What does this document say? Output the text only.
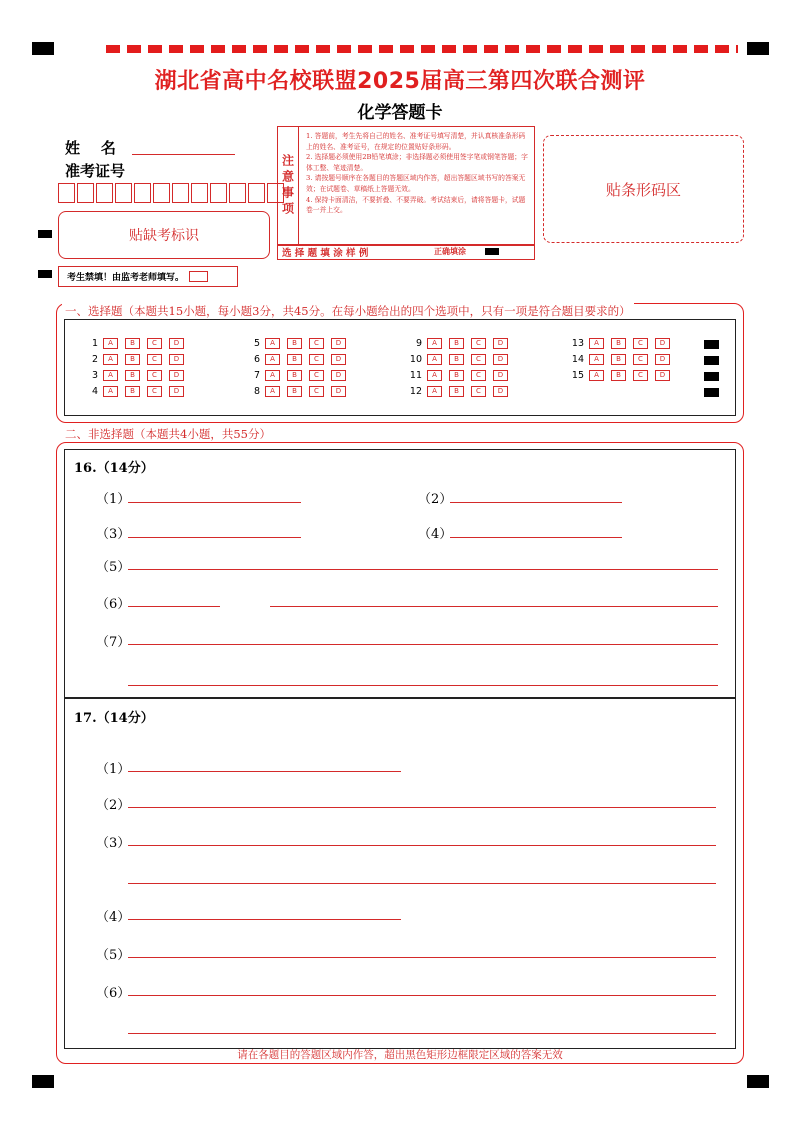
湖北省高中名校联盟2025届高三第四次联合测评
化学答题卡
姓    名
准考证号
贴缺考标识
考生禁填！由监考老师填写。
注意事项
1. 答题前，考生先将自己的姓名、准考证号填写清楚，并认真核准条形码上的姓名、准考证号，在规定的位置贴好条形码。
2. 选择题必须使用2B铅笔填涂；非选择题必须使用签字笔或钢笔答题；字体工整、笔迹清楚。
3. 请按题号顺序在各题目的答题区域内作答，超出答题区域书写的答案无效；在试题卷、草稿纸上答题无效。
4. 保持卡面清洁，不要折叠、不要弄破。考试结束后，请将答题卡，试题卷一并上交。
选 择 题 填 涂 样 例	正确填涂
贴条形码区
一、选择题（本题共15小题，每小题3分，共45分。在每小题给出的四个选项中，只有一项是符合题目要求的）
1	A	B	C	D
2	A	B	C	D
3	A	B	C	D
4	A	B	C	D
5	A	B	C	D
6	A	B	C	D
7	A	B	C	D
8	A	B	C	D
9	A	B	C	D
10	A	B	C	D
11	A	B	C	D
12	A	B	C	D
13	A	B	C	D
14	A	B	C	D
15	A	B	C	D
二、非选择题（本题共4小题，共55分）
16.（14分）
（1）	（2）
（3）	（4）
（5）
（6）
（7）
17.（14分）
（1）
（2）
（3）
（4）
（5）
（6）
请在各题目的答题区域内作答，超出黑色矩形边框限定区域的答案无效
